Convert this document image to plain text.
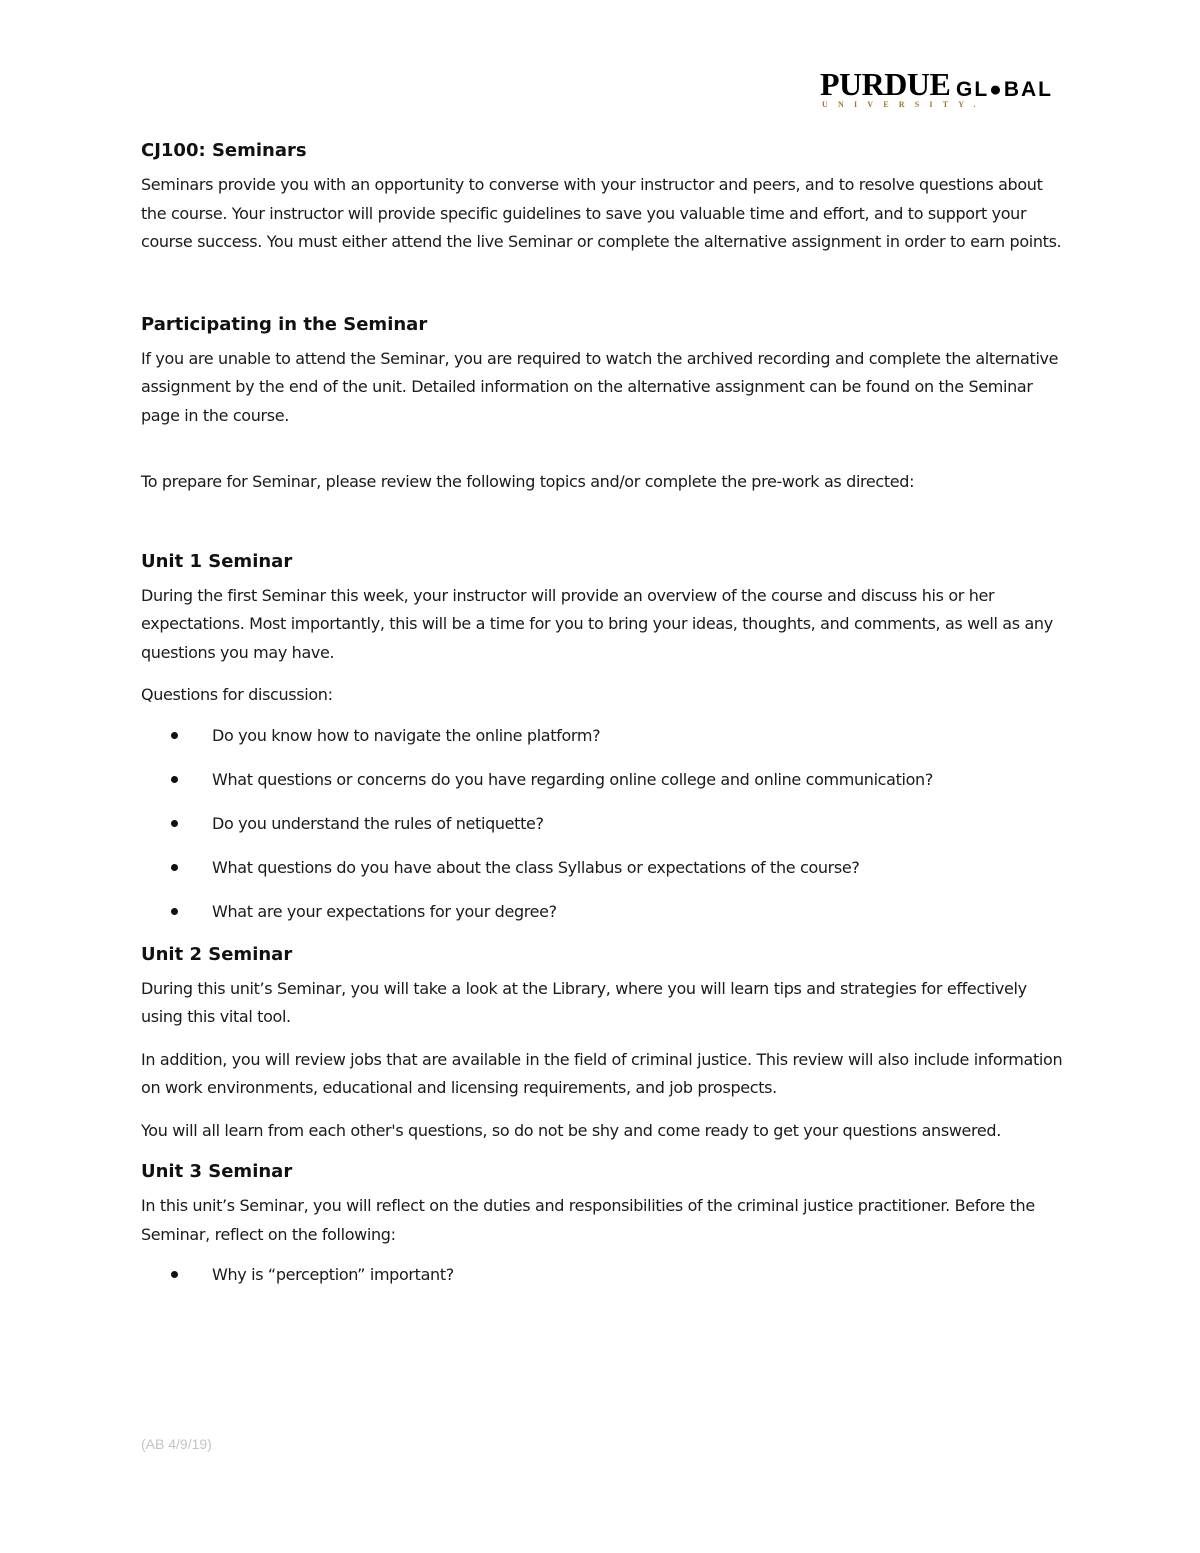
PURDUE GL●BAL
UNIVERSITY.
CJ100: Seminars

Seminars provide you with an opportunity to converse with your instructor and peers, and to resolve questions about the course. Your instructor will provide specific guidelines to save you valuable time and effort, and to support your course success. You must either attend the live Seminar or complete the alternative assignment in order to earn points.

Participating in the Seminar

If you are unable to attend the Seminar, you are required to watch the archived recording and complete the alternative assignment by the end of the unit. Detailed information on the alternative assignment can be found on the Seminar page in the course.

To prepare for Seminar, please review the following topics and/or complete the pre-work as directed:

Unit 1 Seminar

During the first Seminar this week, your instructor will provide an overview of the course and discuss his or her expectations. Most importantly, this will be a time for you to bring your ideas, thoughts, and comments, as well as any questions you may have.

Questions for discussion:

Do you know how to navigate the online platform?
What questions or concerns do you have regarding online college and online communication?
Do you understand the rules of netiquette?
What questions do you have about the class Syllabus or expectations of the course?
What are your expectations for your degree?
Unit 2 Seminar

During this unit’s Seminar, you will take a look at the Library, where you will learn tips and strategies for effectively using this vital tool.

In addition, you will review jobs that are available in the field of criminal justice. This review will also include information on work environments, educational and licensing requirements, and job prospects.

You will all learn from each other's questions, so do not be shy and come ready to get your questions answered.

Unit 3 Seminar

In this unit’s Seminar, you will reflect on the duties and responsibilities of the criminal justice practitioner. Before the Seminar, reflect on the following:

Why is “perception” important?
(AB 4/9/19)
